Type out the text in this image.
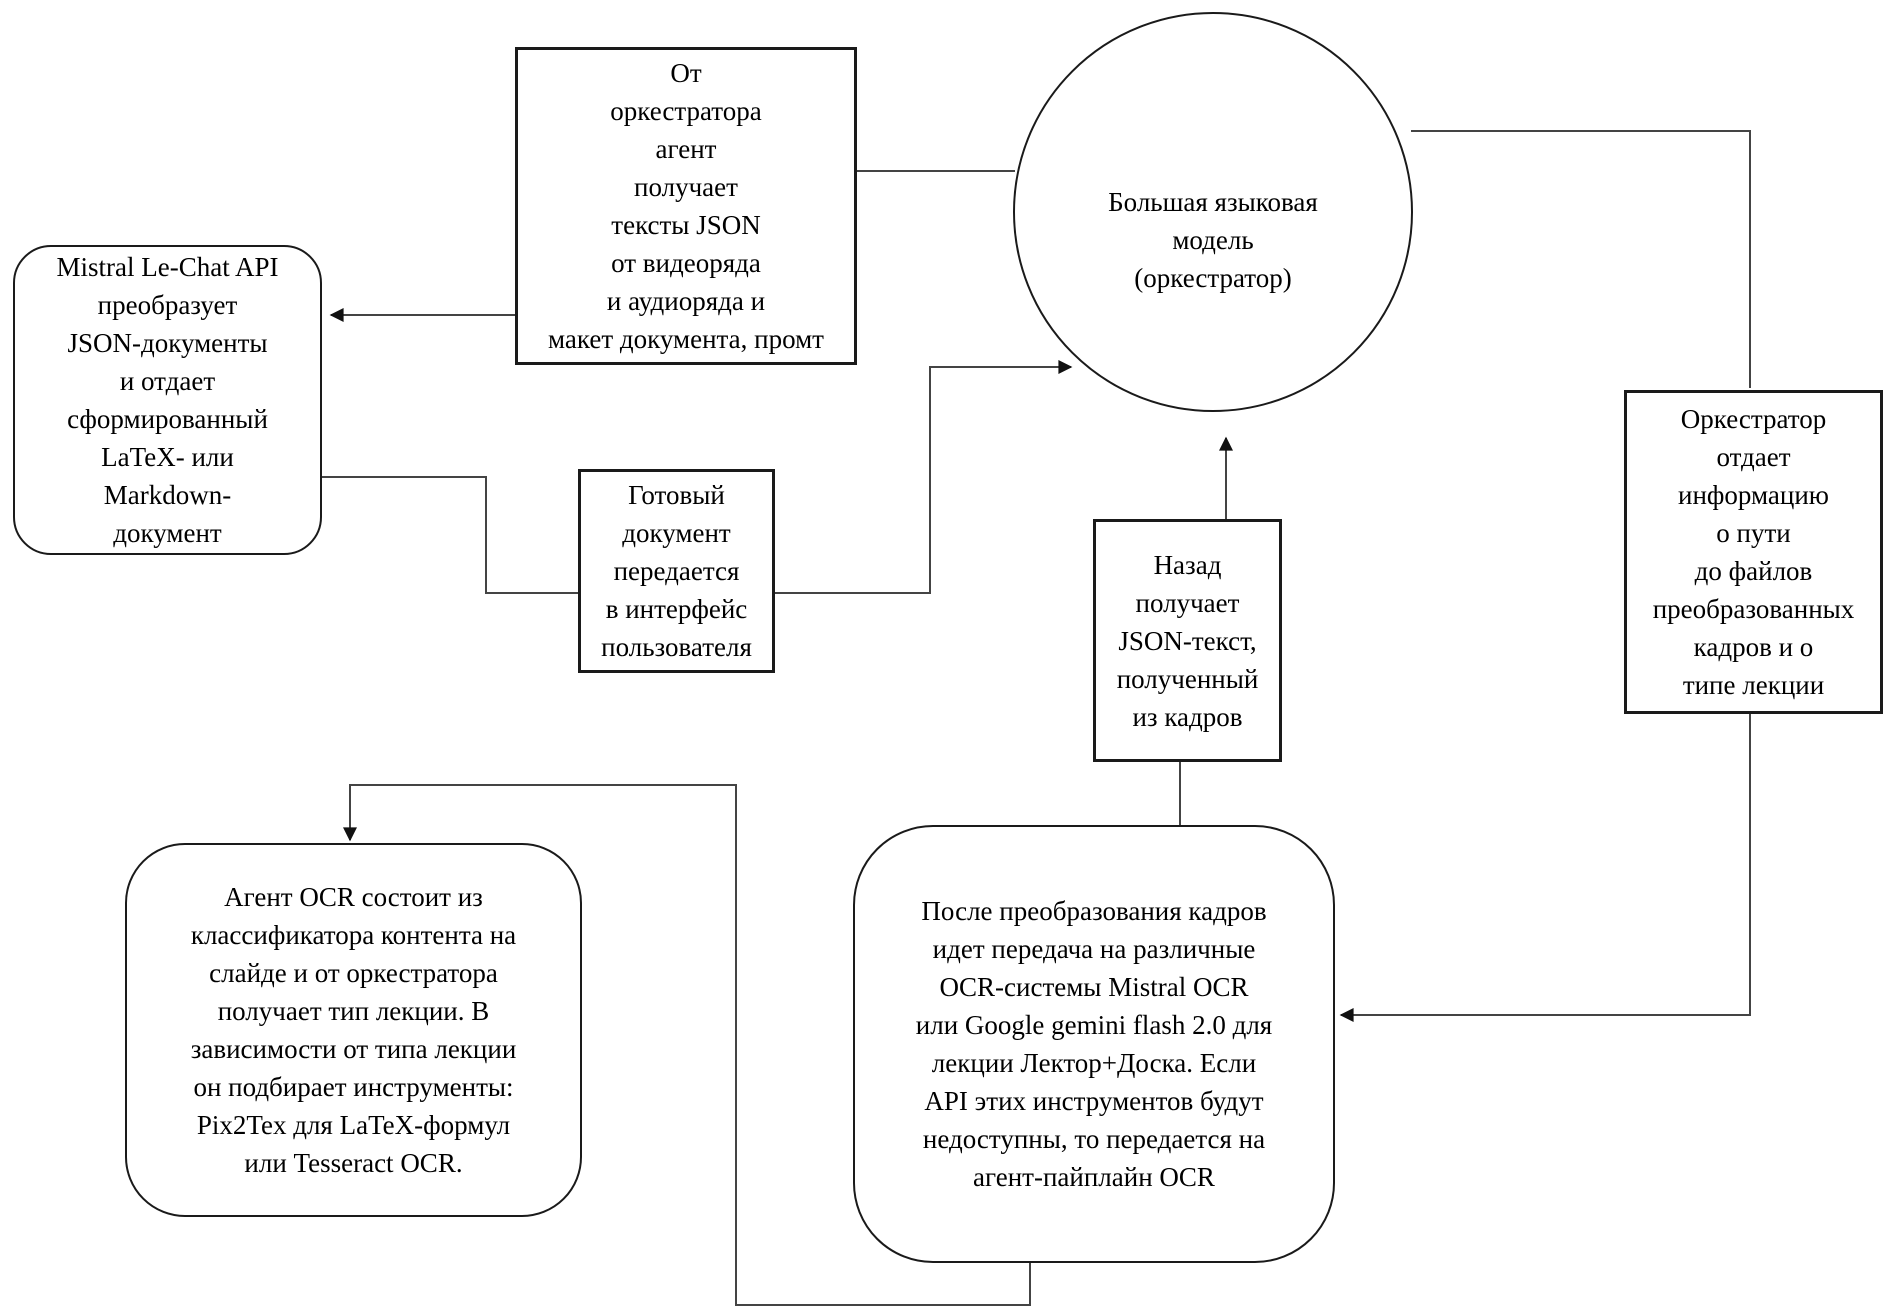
От
оркестратора
агент
получает
тексты JSON
от видеоряда
и аудиоряда и
макет документа, промт
Большая языковая
модель
(оркестратор)
Mistral Le-Chat API
преобразует
JSON-документы
и отдает
сформированный
LaTeX- или
Markdown-
документ
Готовый
документ
передается
в интерфейс
пользователя
Назад
получает
JSON-текст,
полученный
из кадров
Оркестратор
отдает
информацию
о пути
до файлов
преобразованных
кадров и о
типе лекции
Агент OCR состоит из
классификатора контента на
слайде и от оркестратора
получает тип лекции. В
зависимости от типа лекции
он подбирает инструменты:
Pix2Tex для LaTeX-формул
или Tesseract OCR.
После преобразования кадров
идет передача на различные
OCR-системы Mistral OCR
или Google gemini flash 2.0 для
лекции Лектор+Доска. Если
API этих инструментов будут
недоступны, то передается на
агент-пайплайн OCR
